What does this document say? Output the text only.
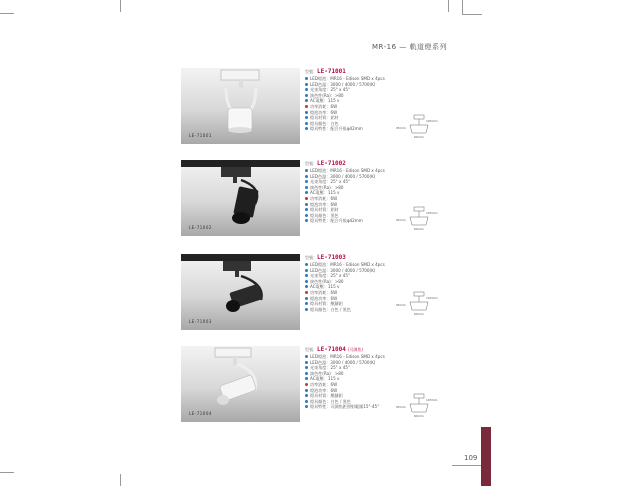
MR-16 — 軌道燈系列
LE-71001
型號：LE-71001
LED燈泡：MR16 - Edison SMD x 4pcs
LED色溫：3000 / 4000 / 5700(K)
光束角度：25° x 45°
演色性(Ra)：>80
AC電壓：115 v
功率消耗：6W
燈泡功率：6W
燈具材質：鋁材
燈具顏色：白色
燈具特性：配合升級φ42mm
105mm
95mm
60mm
LE-71002
型號：LE-71002
LED燈泡：MR16 - Edison SMD x 4pcs
LED色溫：3000 / 4000 / 5700(K)
光束角度：25° x 45°
演色性(Ra)：>80
AC電壓：115 v
功率消耗：6W
燈泡功率：6W
燈具材質：鋁材
燈具顏色：黑色
燈具特性：配合升級φ42mm
105mm
95mm
60mm
LE-71003
型號：LE-71003
LED燈泡：MR16 - Edison SMD x 4pcs
LED色溫：3000 / 4000 / 5700(K)
光束角度：25° x 45°
演色性(Ra)：>80
AC電壓：115 v
功率消耗：6W
燈泡功率：6W
燈具材質：壓鑄鋁
燈具顏色：白色 / 黑色
105mm
95mm
60mm
LE-71004
型號：LE-71004 (可調焦)
LED燈泡：MR16 - Edison SMD x 4pcs
LED色溫：3000 / 4000 / 5700(K)
光束角度：25° x 45°
演色性(Ra)：>80
AC電壓：115 v
功率消耗：6W
燈泡功率：6W
燈具材質：壓鑄鋁
燈具顏色：白色 / 黑色
燈具特性：可調焦距照射範圍15°-45°
105mm
95mm
60mm
109
